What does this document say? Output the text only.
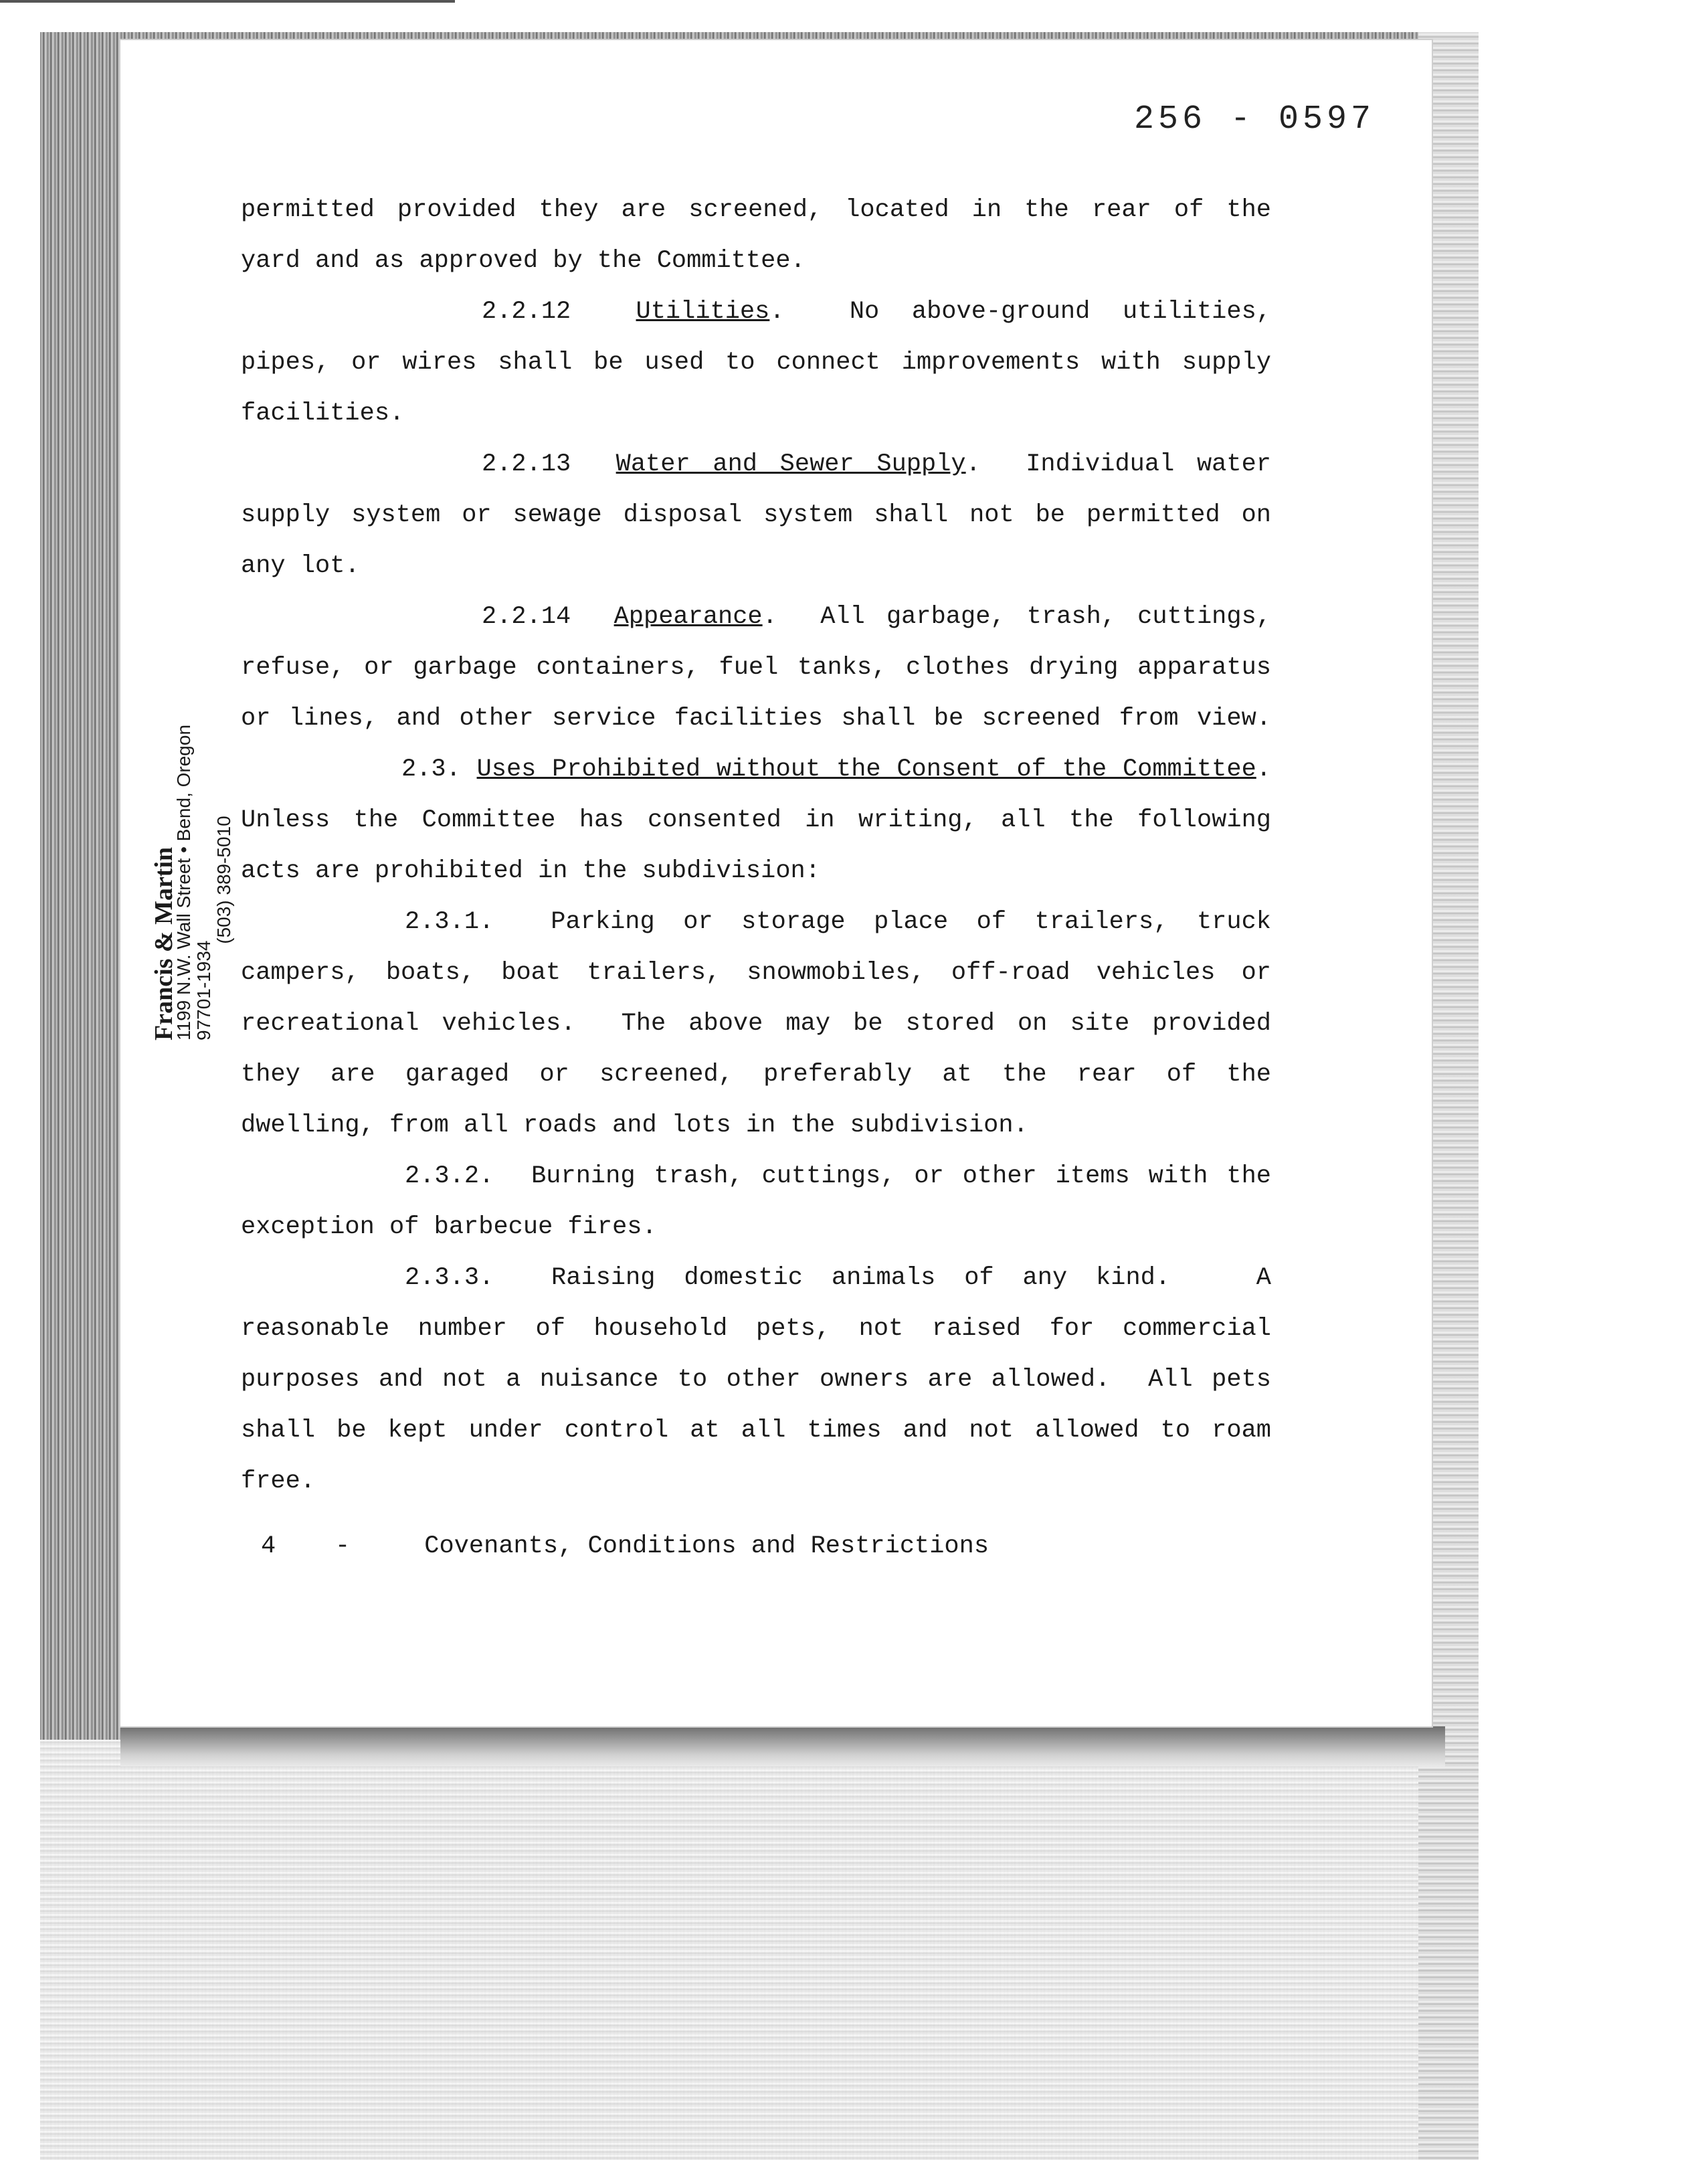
256 - 0597
Francis & Martin
1199 N.W. Wall Street • Bend, Oregon 97701-1934
(503) 389-5010
permitted provided they are screened, located in the rear of the
yard and as approved by the Committee.
2.2.12	Utilities.  No above-ground utilities,
pipes, or wires shall be used to connect improvements with supply
facilities.
2.2.13 Water and Sewer Supply.  Individual water
supply system or sewage disposal system shall not be permitted on
any lot.
2.2.14 Appearance.  All garbage, trash, cuttings,
refuse, or garbage containers, fuel tanks, clothes drying apparatus
or lines, and other service facilities shall be screened from view.
2.3. Uses Prohibited without the Consent of the Committee.
Unless the Committee has consented in writing, all the following
acts are prohibited in the subdivision:
2.3.1.  Parking or storage place of trailers, truck
campers, boats, boat trailers, snowmobiles, off-road vehicles or
recreational vehicles.  The above may be stored on site provided
they are garaged or screened, preferably at the rear of the
dwelling, from all roads and lots in the subdivision.
2.3.2.  Burning trash, cuttings, or other items with the
exception of barbecue fires.
2.3.3.  Raising domestic animals of any kind.   A
reasonable number of household pets, not raised for commercial
purposes and not a nuisance to other owners are allowed.  All pets
shall be kept under control at all times and not allowed to roam
free.
4 -	Covenants, Conditions and Restrictions
